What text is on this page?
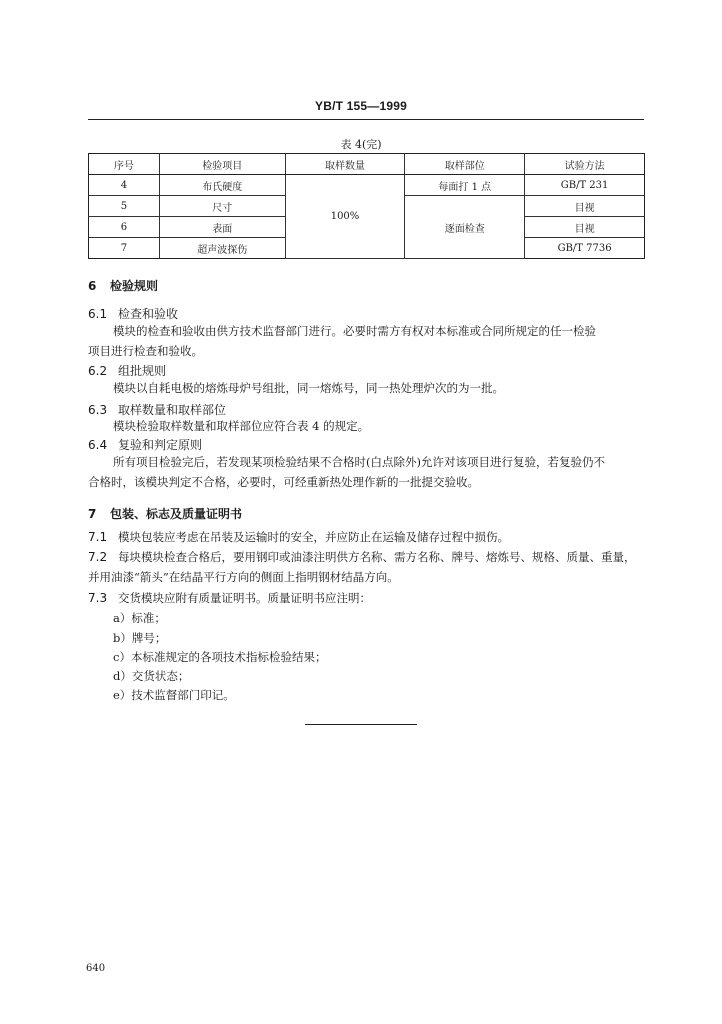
YB/T 155—1999
表 4(完)
序号	检验项目	取样数量	取样部位	试验方法
4	布氏硬度	100%	每面打 1 点	GB/T 231
5	尺寸		逐面检查	目视
6	表面			目视
7	超声波探伤			GB/T 7736
6 检验规则
6.1 检查和验收
模块的检查和验收由供方技术监督部门进行。必要时需方有权对本标准或合同所规定的任一检验
项目进行检查和验收。
6.2 组批规则
模块以自耗电极的熔炼母炉号组批，同一熔炼号，同一热处理炉次的为一批。
6.3 取样数量和取样部位
模块检验取样数量和取样部位应符合表 4 的规定。
6.4 复验和判定原则
所有项目检验完后，若发现某项检验结果不合格时(白点除外)允许对该项目进行复验，若复验仍不
合格时，该模块判定不合格，必要时，可经重新热处理作新的一批提交验收。
7 包装、标志及质量证明书
7.1 模块包装应考虑在吊装及运输时的安全，并应防止在运输及储存过程中损伤。
7.2 每块模块检查合格后，要用钢印或油漆注明供方名称、需方名称、牌号、熔炼号、规格、质量、重量，
并用油漆“箭头”在结晶平行方向的侧面上指明钢材结晶方向。
7.3 交货模块应附有质量证明书。质量证明书应注明：
a）标准；
b）牌号；
c）本标准规定的各项技术指标检验结果；
d）交货状态；
e）技术监督部门印记。
640
